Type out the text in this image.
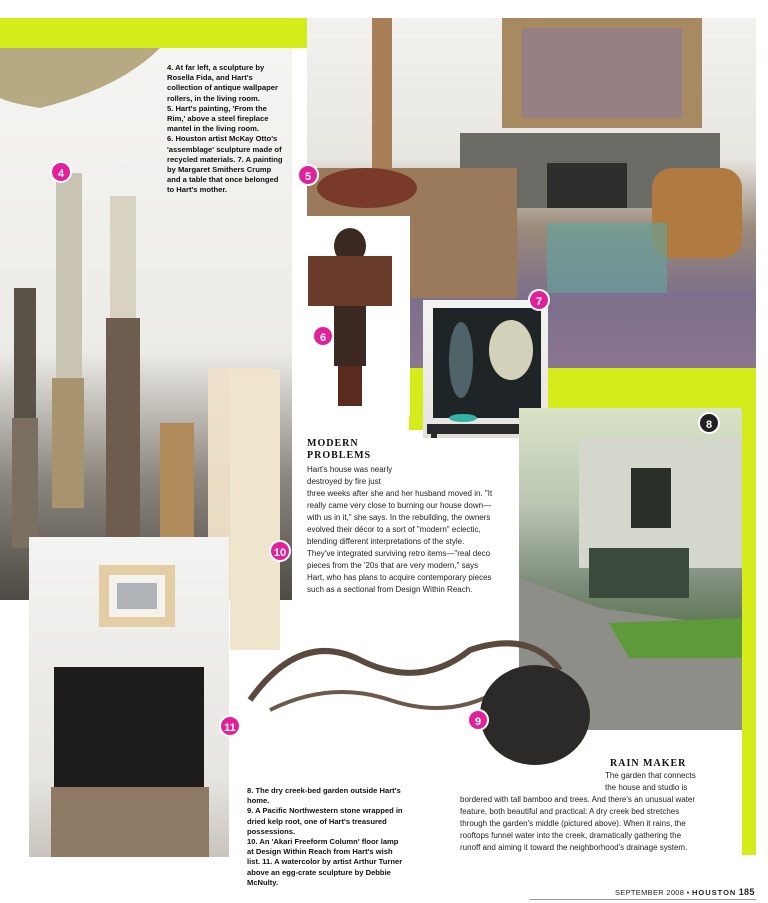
4	5
6
7
8
9
10
11

4. At far left, a sculpture by Rosella Fida, and Hart's collection of antique wallpaper rollers, in the living room.

5. Hart's painting, 'From the Rim,' above a steel fireplace mantel in the living room.

6. Houston artist McKay Otto's 'assemblage' sculpture made of recycled materials. 7. A painting by Margaret Smithers Crump and a table that once belonged to Hart's mother.

MODERN
PROBLEMS

Hart's house was nearly

destroyed by fire just

three weeks after she and her husband moved in. "It

really came very close to burning our house down—

with us in it," she says. In the rebuilding, the owners

evolved their décor to a sort of "modern" eclectic,

blending different interpretations of the style.

They've integrated surviving retro items—"real deco

pieces from the '20s that are very modern," says

Hart, who has plans to acquire contemporary pieces

such as a sectional from Design Within Reach.

8. The dry creek-bed garden outside Hart's home.

9. A Pacific Northwestern stone wrapped in dried kelp root, one of Hart's treasured possessions.

10. An 'Akari Freeform Column' floor lamp at Design Within Reach from Hart's wish list. 11. A watercolor by artist Arthur Turner above an egg-crate sculpture by Debbie McNulty.

RAIN MAKER

The garden that connects

the house and studio is

bordered with tall bamboo and trees. And there's an unusual water

feature, both beautiful and practical: A dry creek bed stretches

through the garden's middle (pictured above). When it rains, the

rooftops funnel water into the creek, dramatically gathering the

runoff and aiming it toward the neighborhood's drainage system.

SEPTEMBER 2008 • HOUSTON 185
